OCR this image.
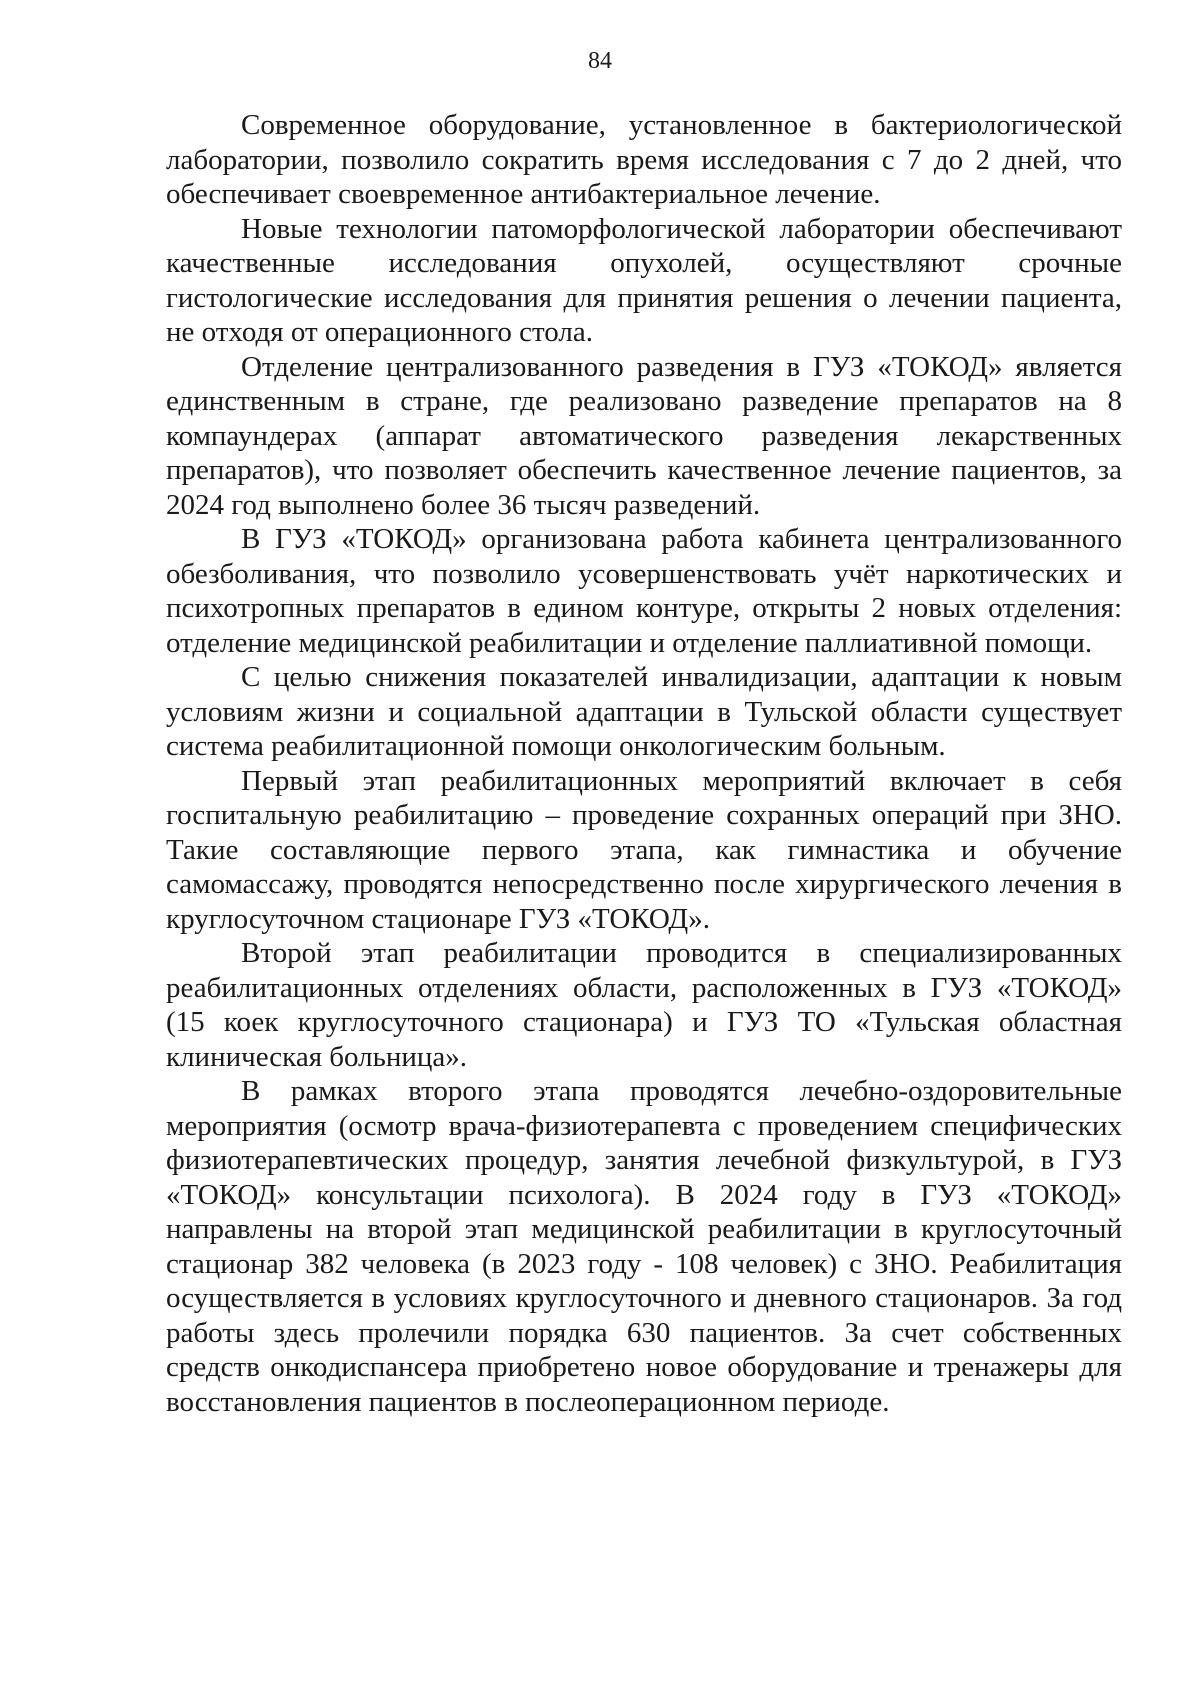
84

Современное оборудование, установленное в бактериологической лаборатории, позволило сократить время исследования с 7 до 2 дней, что обеспечивает своевременное антибактериальное лечение.

Новые технологии патоморфологической лаборатории обеспечивают качественные исследования опухолей, осуществляют срочные гистологические исследования для принятия решения о лечении пациента, не отходя от операционного стола.

Отделение централизованного разведения в ГУЗ «ТОКОД» является единственным в стране, где реализовано разведение препаратов на 8 компаундерах (аппарат автоматического разведения лекарственных препаратов), что позволяет обеспечить качественное лечение пациентов, за 2024 год выполнено более 36 тысяч разведений.

В ГУЗ «ТОКОД» организована работа кабинета централизованного обезболивания, что позволило усовершенствовать учёт наркотических и психотропных препаратов в едином контуре, открыты 2 новых отделения: отделение медицинской реабилитации и отделение паллиативной помощи.

С целью снижения показателей инвалидизации, адаптации к новым условиям жизни и социальной адаптации в Тульской области существует система реабилитационной помощи онкологическим больным.

Первый этап реабилитационных мероприятий включает в себя госпитальную реабилитацию – проведение сохранных операций при ЗНО. Такие составляющие первого этапа, как гимнастика и обучение самомассажу, проводятся непосредственно после хирургического лечения в круглосуточном стационаре ГУЗ «ТОКОД».

Второй этап реабилитации проводится в специализированных реабилитационных отделениях области, расположенных в ГУЗ «ТОКОД» (15 коек круглосуточного стационара) и ГУЗ ТО «Тульская областная клиническая больница».

В рамках второго этапа проводятся лечебно-оздоровительные мероприятия (осмотр врача-физиотерапевта с проведением специфических физиотерапевтических процедур, занятия лечебной физкультурой, в ГУЗ «ТОКОД» консультации психолога). В 2024 году в ГУЗ «ТОКОД» направлены на второй этап медицинской реабилитации в круглосуточный стационар 382 человека (в 2023 году - 108 человек) с ЗНО. Реабилитация осуществляется в условиях круглосуточного и дневного стационаров. За год работы здесь пролечили порядка 630 пациентов. За счет собственных средств онкодиспансера приобретено новое оборудование и тренажеры для восстановления пациентов в послеоперационном периоде.
